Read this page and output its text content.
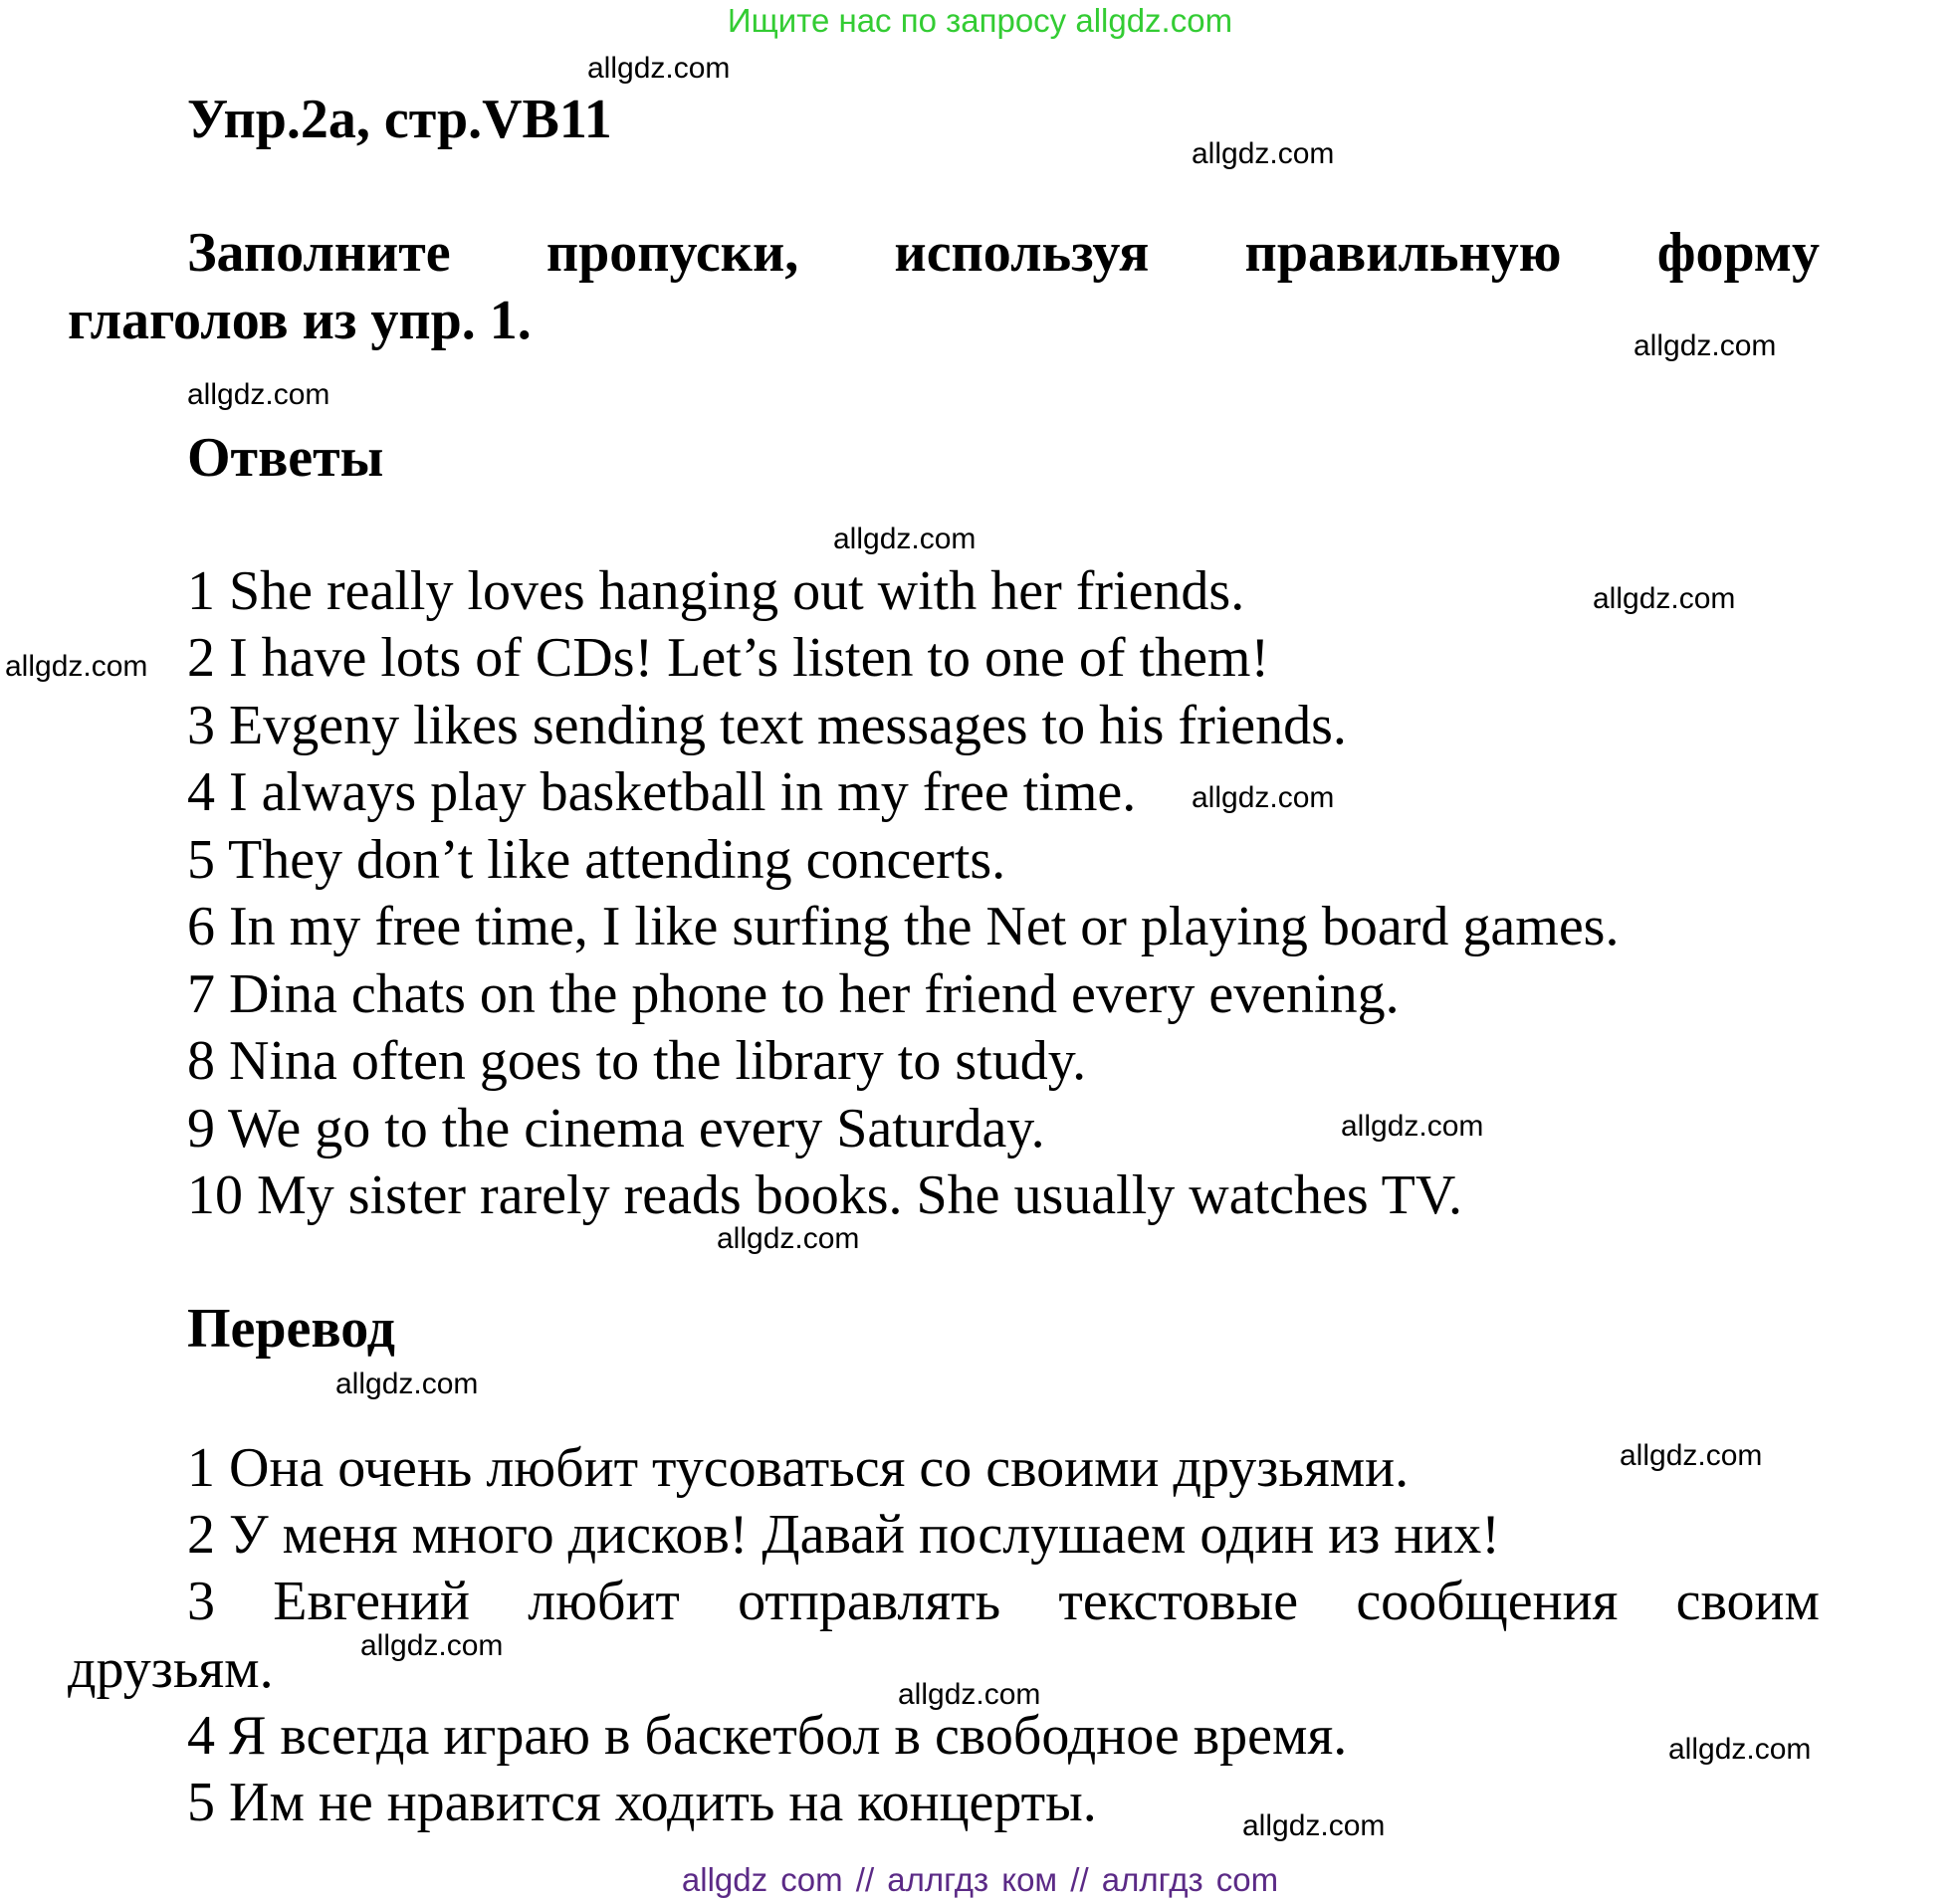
Ищите нас по запросу allgdz.com
Упр.2a, стр.VB11
Заполните пропуски, используя правильную форму
глаголов из упр. 1.
Ответы
1 She really loves hanging out with her friends.
2 I have lots of CDs! Let’s listen to one of them!
3 Evgeny likes sending text messages to his friends.
4 I always play basketball in my free time.
5 They don’t like attending concerts.
6 In my free time, I like surfing the Net or playing board games.
7 Dina chats on the phone to her friend every evening.
8 Nina often goes to the library to study.
9 We go to the cinema every Saturday.
10 My sister rarely reads books. She usually watches TV.
Перевод
1 Она очень любит тусоваться со своими друзьями.
2 У меня много дисков! Давай послушаем один из них!
3 Евгений любит отправлять текстовые сообщения своим
друзьям.
4 Я всегда играю в баскетбол в свободное время.
5 Им не нравится ходить на концерты.
allgdz.com
allgdz.com
allgdz.com
allgdz.com
allgdz.com
allgdz.com
allgdz.com
allgdz.com
allgdz.com
allgdz.com
allgdz.com
allgdz.com
allgdz.com
allgdz.com
allgdz.com
allgdz.com
allgdz com // аллгдз ком // аллгдз com
